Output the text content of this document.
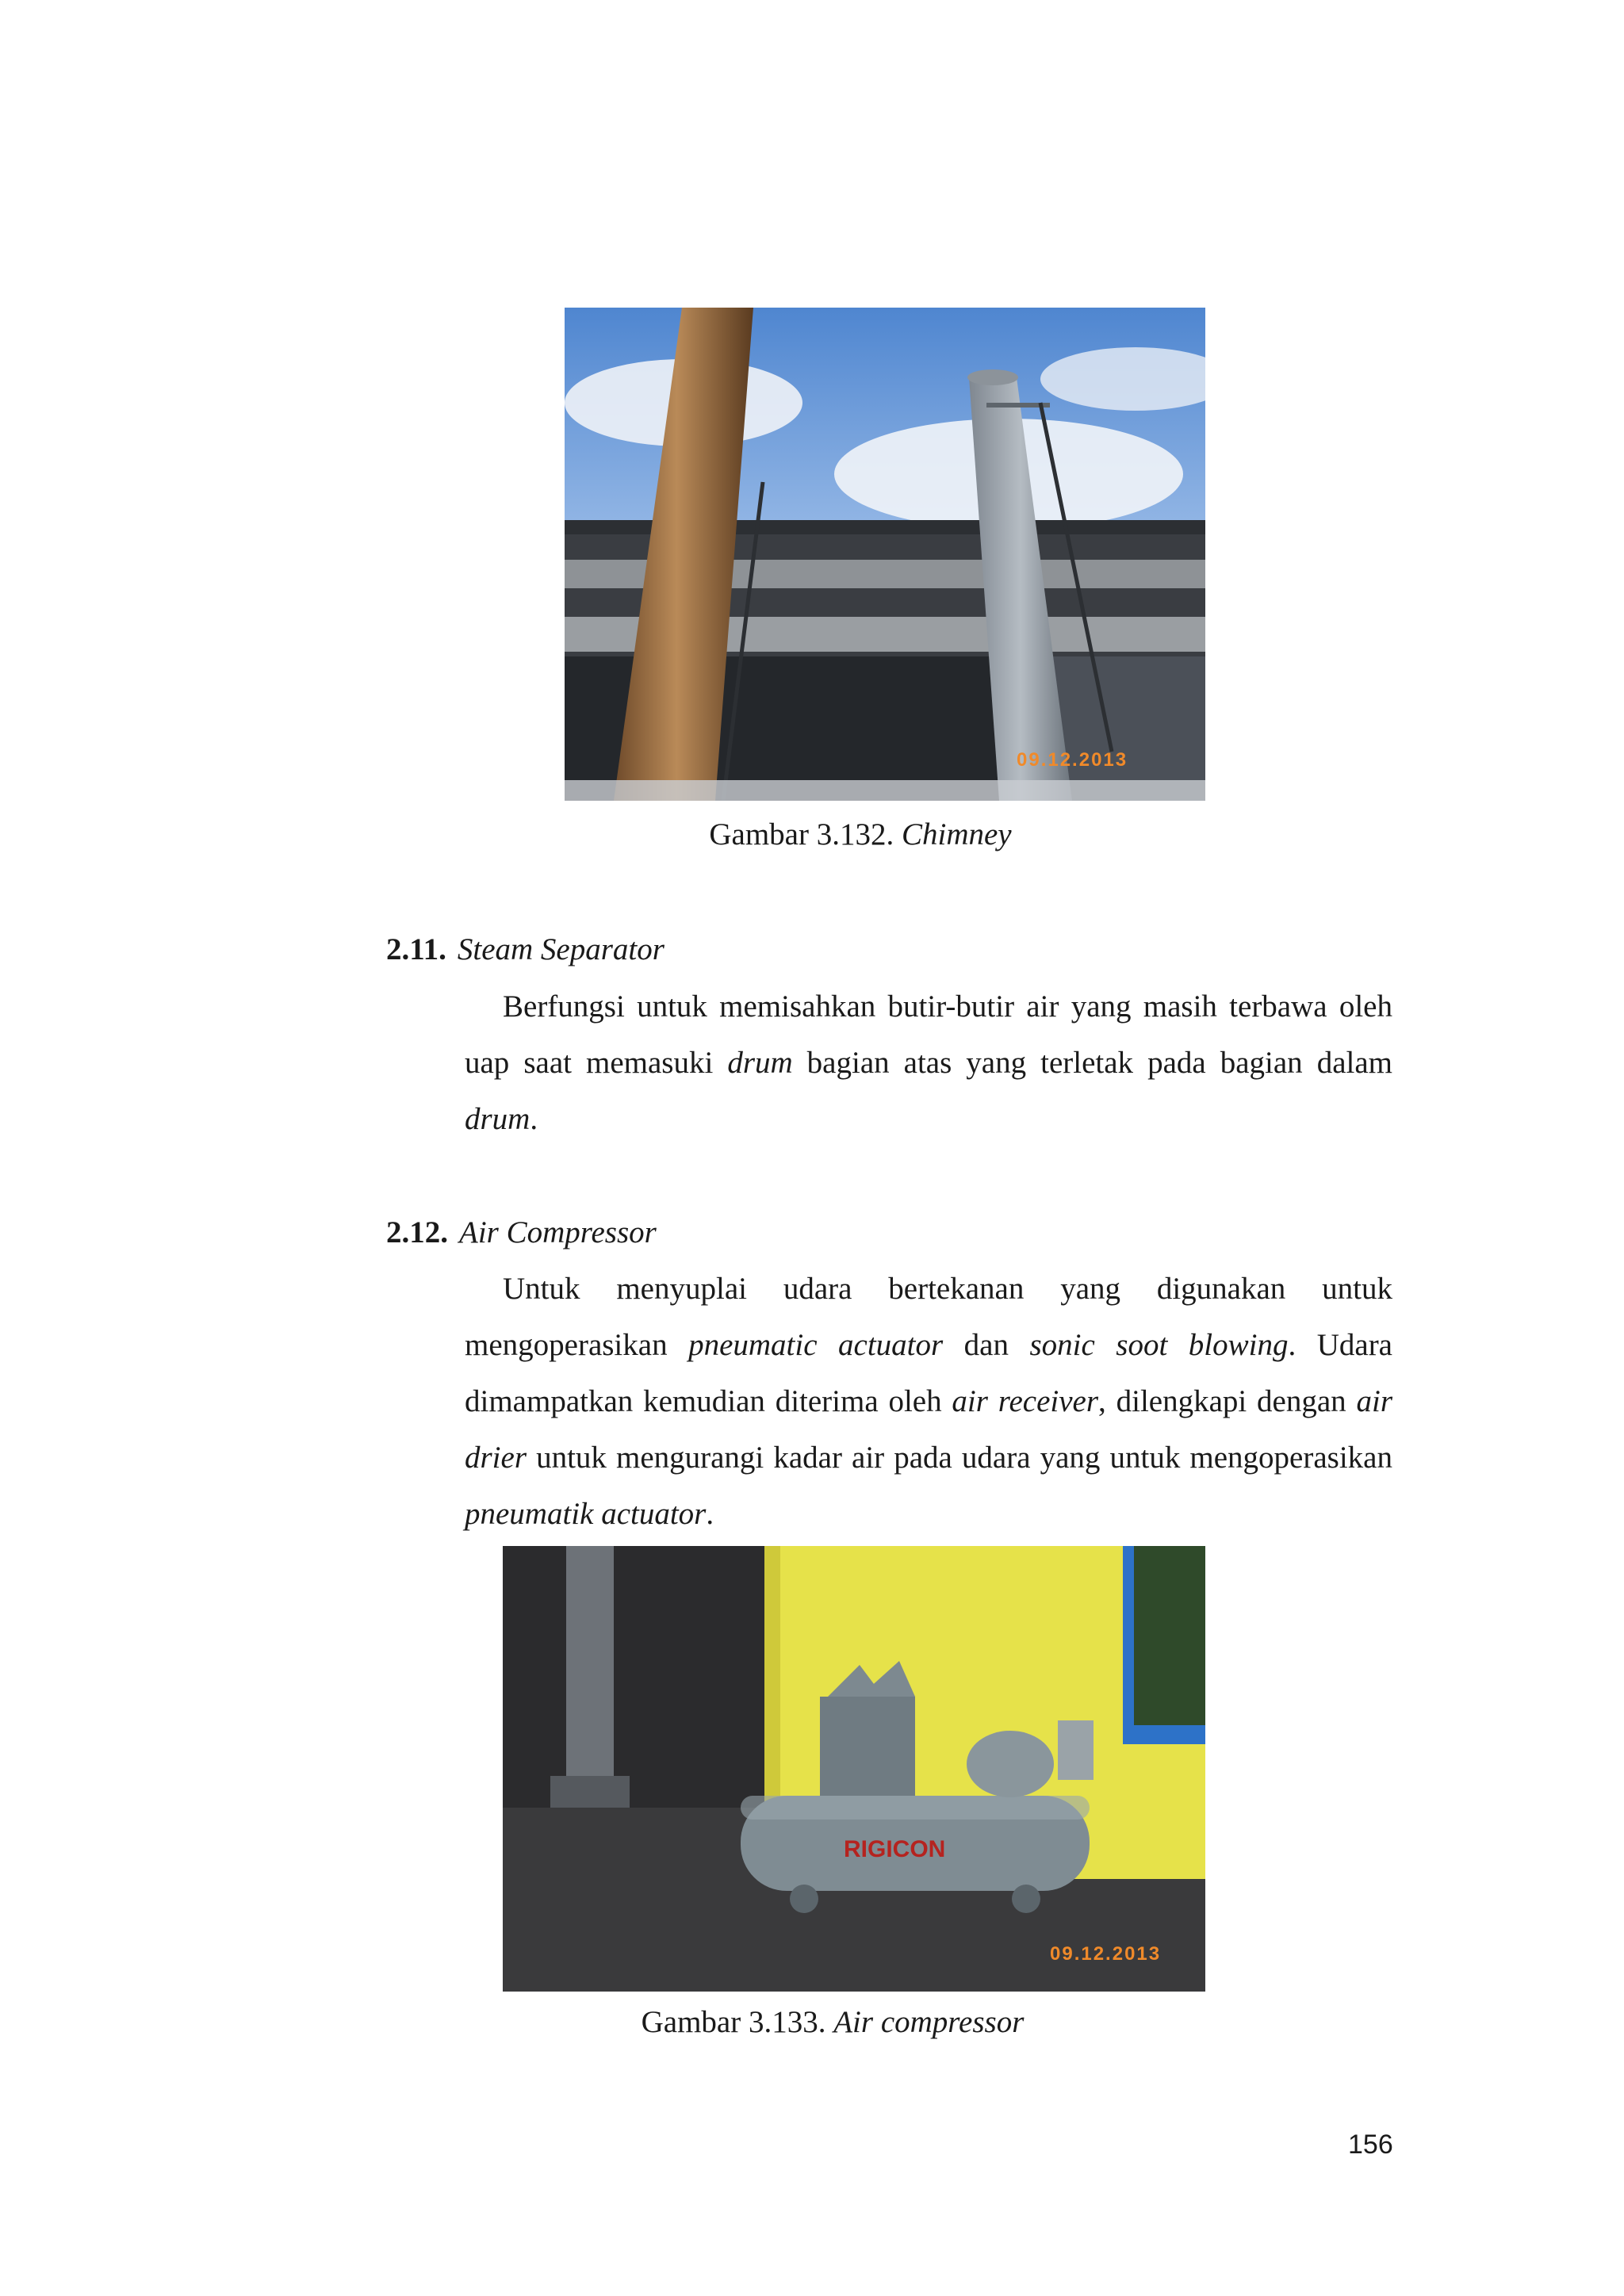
09.12.2013
Gambar 3.132. Chimney
2.11. Steam Separator
Berfungsi untuk memisahkan butir-butir air yang masih terbawa oleh uap saat memasuki drum bagian atas yang terletak pada bagian dalam drum.
2.12. Air Compressor
Untuk menyuplai udara bertekanan yang digunakan untuk mengoperasikan pneumatic actuator dan sonic soot blowing. Udara dimampatkan kemudian diterima oleh air receiver, dilengkapi dengan air drier untuk mengurangi kadar air pada udara yang untuk mengoperasikan pneumatik actuator.
RIGICON
09.12.2013
Gambar 3.133. Air compressor
156
